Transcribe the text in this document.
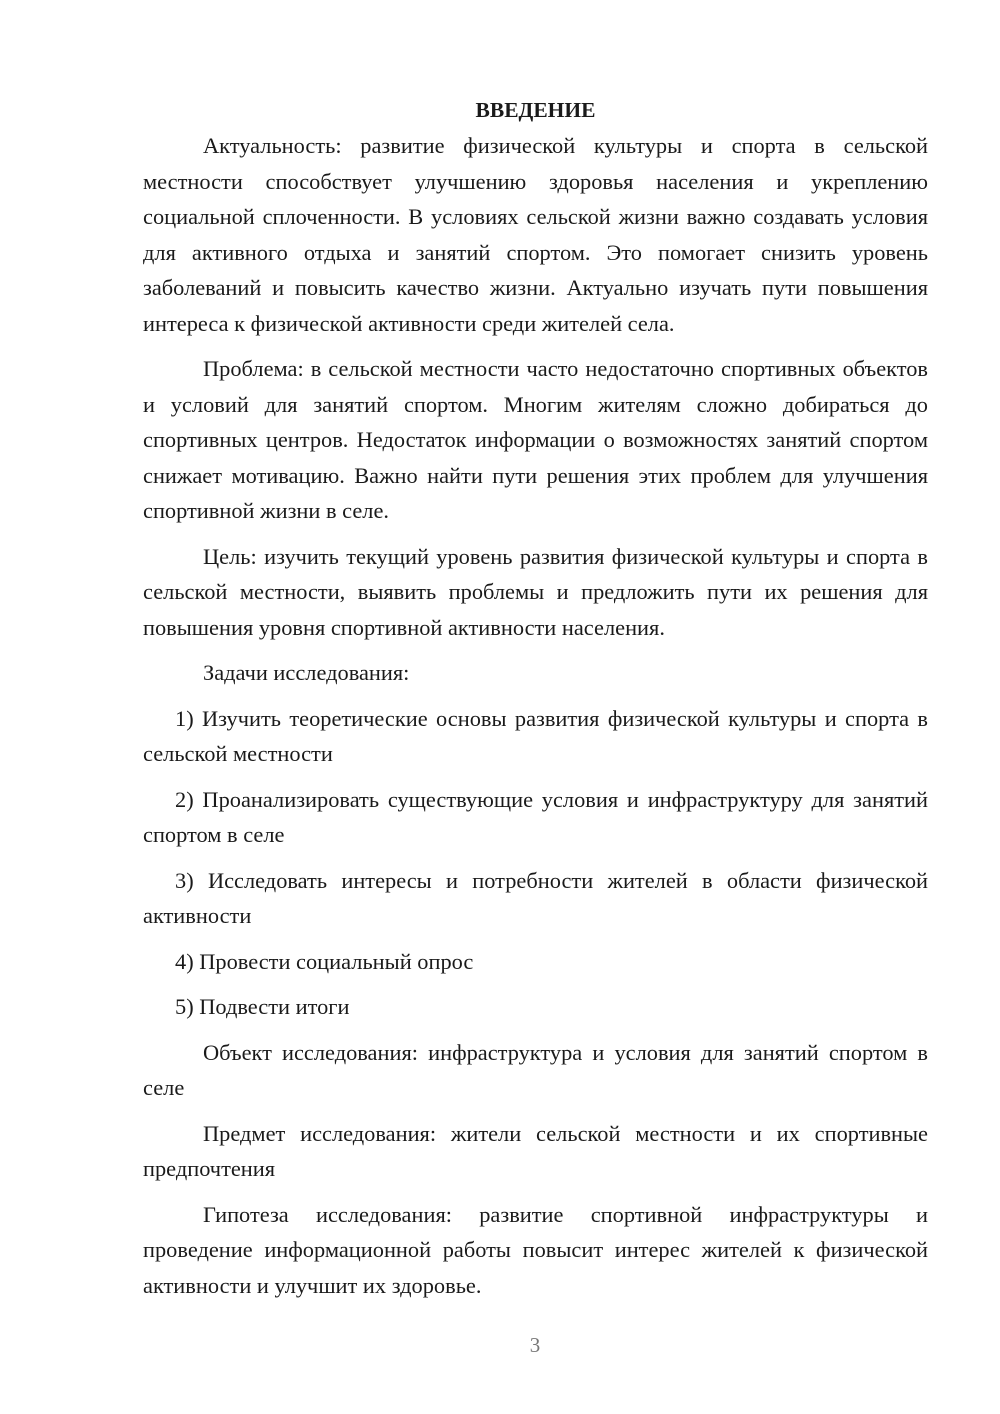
ВВЕДЕНИЕ

Актуальность: развитие физической культуры и спорта в сельской местности способствует улучшению здоровья населения и укреплению социальной сплоченности. В условиях сельской жизни важно создавать условия для активного отдыха и занятий спортом. Это помогает снизить уровень заболеваний и повысить качество жизни. Актуально изучать пути повышения интереса к физической активности среди жителей села.

Проблема: в сельской местности часто недостаточно спортивных объектов и условий для занятий спортом. Многим жителям сложно добираться до спортивных центров. Недостаток информации о возможностях занятий спортом снижает мотивацию. Важно найти пути решения этих проблем для улучшения спортивной жизни в селе.

Цель: изучить текущий уровень развития физической культуры и спорта в сельской местности, выявить проблемы и предложить пути их решения для повышения уровня спортивной активности населения.

Задачи исследования:

1) Изучить теоретические основы развития физической культуры и спорта в сельской местности

2) Проанализировать существующие условия и инфраструктуру для занятий спортом в селе

3) Исследовать интересы и потребности жителей в области физической активности

4) Провести социальный опрос

5) Подвести итоги

Объект исследования: инфраструктура и условия для занятий спортом в селе

Предмет исследования: жители сельской местности и их спортивные предпочтения

Гипотеза исследования: развитие спортивной инфраструктуры и проведение информационной работы повысит интерес жителей к физической активности и улучшит их здоровье.

3
